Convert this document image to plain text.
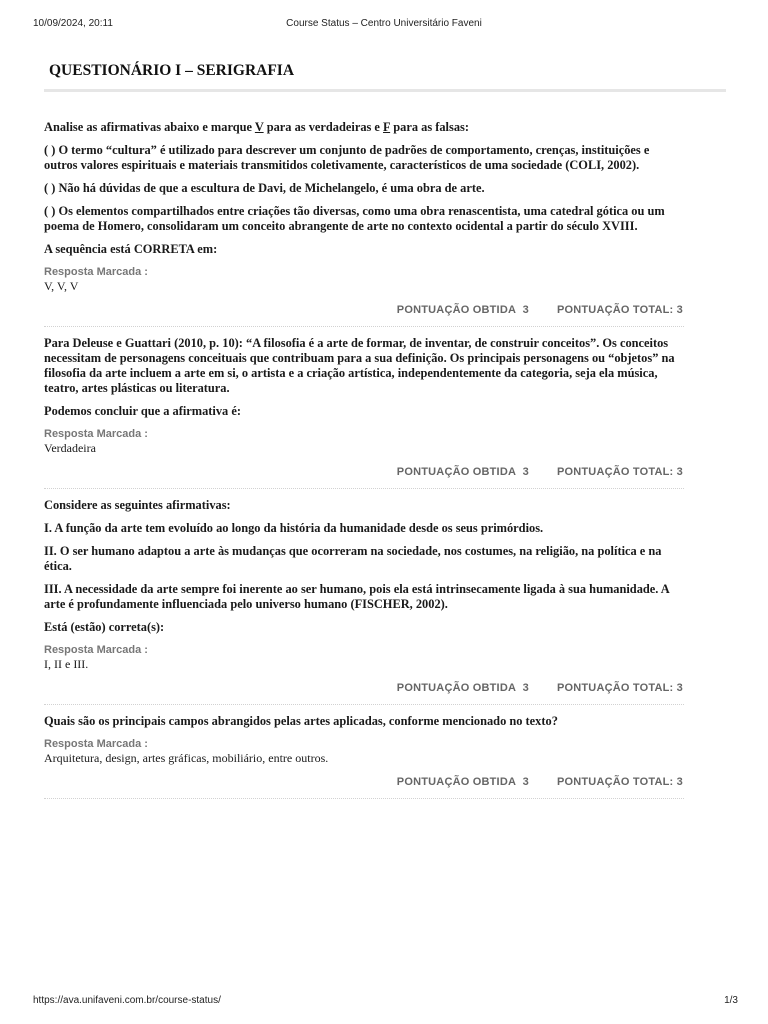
10/09/2024, 20:11	Course Status – Centro Universitário Faveni
QUESTIONÁRIO I – SERIGRAFIA

Analise as afirmativas abaixo e marque V para as verdadeiras e F para as falsas:

( ) O termo “cultura” é utilizado para descrever um conjunto de padrões de comportamento, crenças, instituições e outros valores espirituais e materiais transmitidos coletivamente, característicos de uma sociedade (COLI, 2002).

( ) Não há dúvidas de que a escultura de Davi, de Michelangelo, é uma obra de arte.

( ) Os elementos compartilhados entre criações tão diversas, como uma obra renascentista, uma catedral gótica ou um poema de Homero, consolidaram um conceito abrangente de arte no contexto ocidental a partir do século XVIII.

A sequência está CORRETA em:

Resposta Marcada :

V, V, V

PONTUAÇÃO OBTIDA 3	PONTUAÇÃO TOTAL: 3

Para Deleuse e Guattari (2010, p. 10): “A filosofia é a arte de formar, de inventar, de construir conceitos”. Os conceitos necessitam de personagens conceituais que contribuam para a sua definição. Os principais personagens ou “objetos” na filosofia da arte incluem a arte em si, o artista e a criação artística, independentemente da categoria, seja ela música, teatro, artes plásticas ou literatura.

Podemos concluir que a afirmativa é:

Resposta Marcada :

Verdadeira

PONTUAÇÃO OBTIDA 3	PONTUAÇÃO TOTAL: 3

Considere as seguintes afirmativas:

I. A função da arte tem evoluído ao longo da história da humanidade desde os seus primórdios.

II. O ser humano adaptou a arte às mudanças que ocorreram na sociedade, nos costumes, na religião, na política e na ética.

III. A necessidade da arte sempre foi inerente ao ser humano, pois ela está intrinsecamente ligada à sua humanidade. A arte é profundamente influenciada pelo universo humano (FISCHER, 2002).

Está (estão) correta(s):

Resposta Marcada :

I, II e III.

PONTUAÇÃO OBTIDA 3	PONTUAÇÃO TOTAL: 3

Quais são os principais campos abrangidos pelas artes aplicadas, conforme mencionado no texto?

Resposta Marcada :

Arquitetura, design, artes gráficas, mobiliário, entre outros.

PONTUAÇÃO OBTIDA 3	PONTUAÇÃO TOTAL: 3
https://ava.unifaveni.com.br/course-status/	1/3
